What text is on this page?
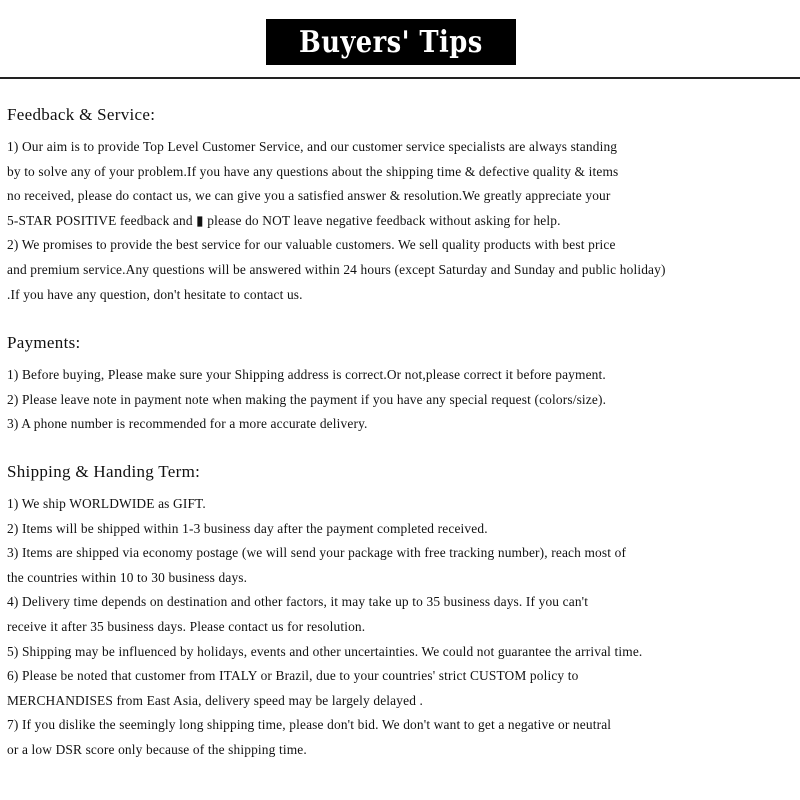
Buyers' Tips
Feedback & Service:
1) Our aim is to provide Top Level Customer Service, and our customer service specialists are always standing
by to solve any of your problem.If you have any questions about the shipping time & defective quality & items
no received, please do contact us, we can give you a satisfied answer & resolution.We greatly appreciate your
5-STAR POSITIVE feedback and ▮ please do NOT leave negative feedback without asking for help.
2) We promises to provide the best service for our valuable customers. We sell quality products with best price
and premium service.Any questions will be answered within 24 hours (except Saturday and Sunday and public holiday)
.If you have any question, don't hesitate to contact us.
Payments:
1) Before buying, Please make sure your Shipping address is correct.Or not,please correct it before payment.
2) Please leave note in payment note when making the payment if you have any special request (colors/size).
3) A phone number is recommended for a more accurate delivery.
Shipping & Handing Term:
1) We ship WORLDWIDE as GIFT.
2) Items will be shipped within 1-3 business day after the payment completed received.
3) Items are shipped via economy postage (we will send your package with free tracking number), reach most of
the countries within 10 to 30 business days.
4) Delivery time depends on destination and other factors, it may take up to 35 business days. If you can't
receive it after 35 business days. Please contact us for resolution.
5) Shipping may be influenced by holidays, events and other uncertainties. We could not guarantee the arrival time.
6) Please be noted that customer from ITALY or Brazil, due to your countries' strict CUSTOM policy to
MERCHANDISES from East Asia, delivery speed may be largely delayed .
7) If you dislike the seemingly long shipping time, please don't bid. We don't want to get a negative or neutral
or a low DSR score only because of the shipping time.
